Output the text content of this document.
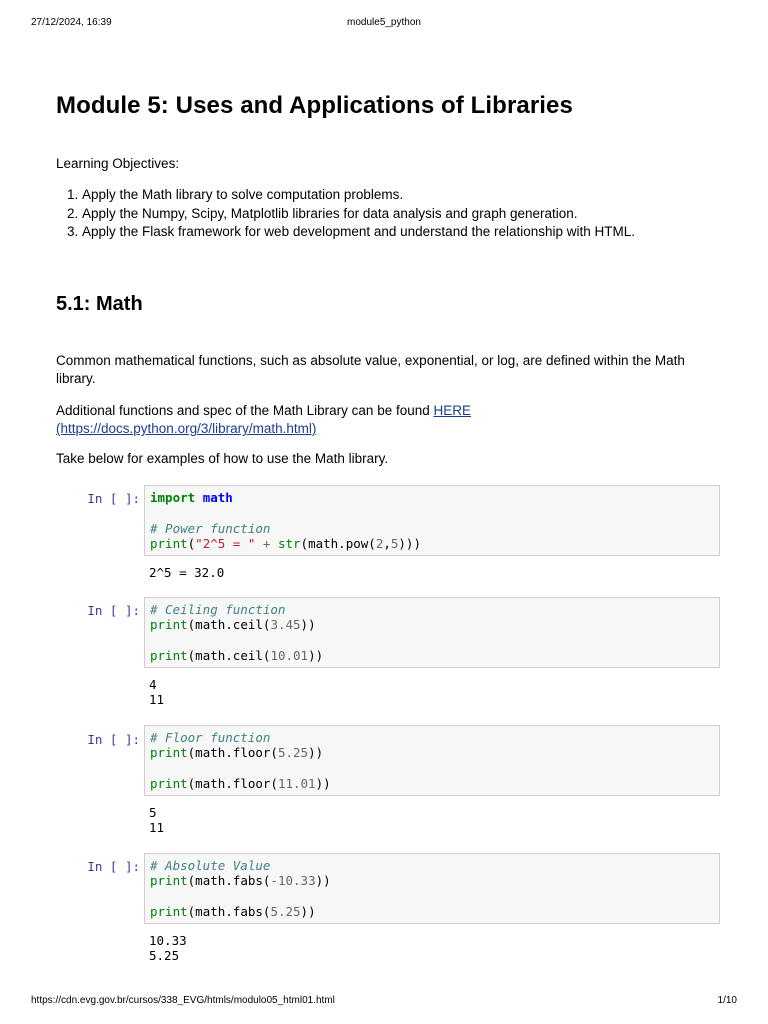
27/12/2024, 16:39	module5_python
Module 5: Uses and Applications of Libraries

Learning Objectives:

1. Apply the Math library to solve computation problems.
2. Apply the Numpy, Scipy, Matplotlib libraries for data analysis and graph generation.
3. Apply the Flask framework for web development and understand the relationship with HTML.
5.1: Math

Common mathematical functions, such as absolute value, exponential, or log, are defined within the Math library.

Additional functions and spec of the Math Library can be found HERE
(https://docs.python.org/3/library/math.html)

Take below for examples of how to use the Math library.

In [ ]: import math

# Power function
print("2^5 = " + str(math.pow(2,5)))
2^5 = 32.0
In [ ]: # Ceiling function
print(math.ceil(3.45))

print(math.ceil(10.01))
4
11
In [ ]: # Floor function
print(math.floor(5.25))

print(math.floor(11.01))
5
11
In [ ]: # Absolute Value
print(math.fabs(-10.33))

print(math.fabs(5.25))
10.33
5.25
https://cdn.evg.gov.br/cursos/338_EVG/htmls/modulo05_html01.html	1/10
